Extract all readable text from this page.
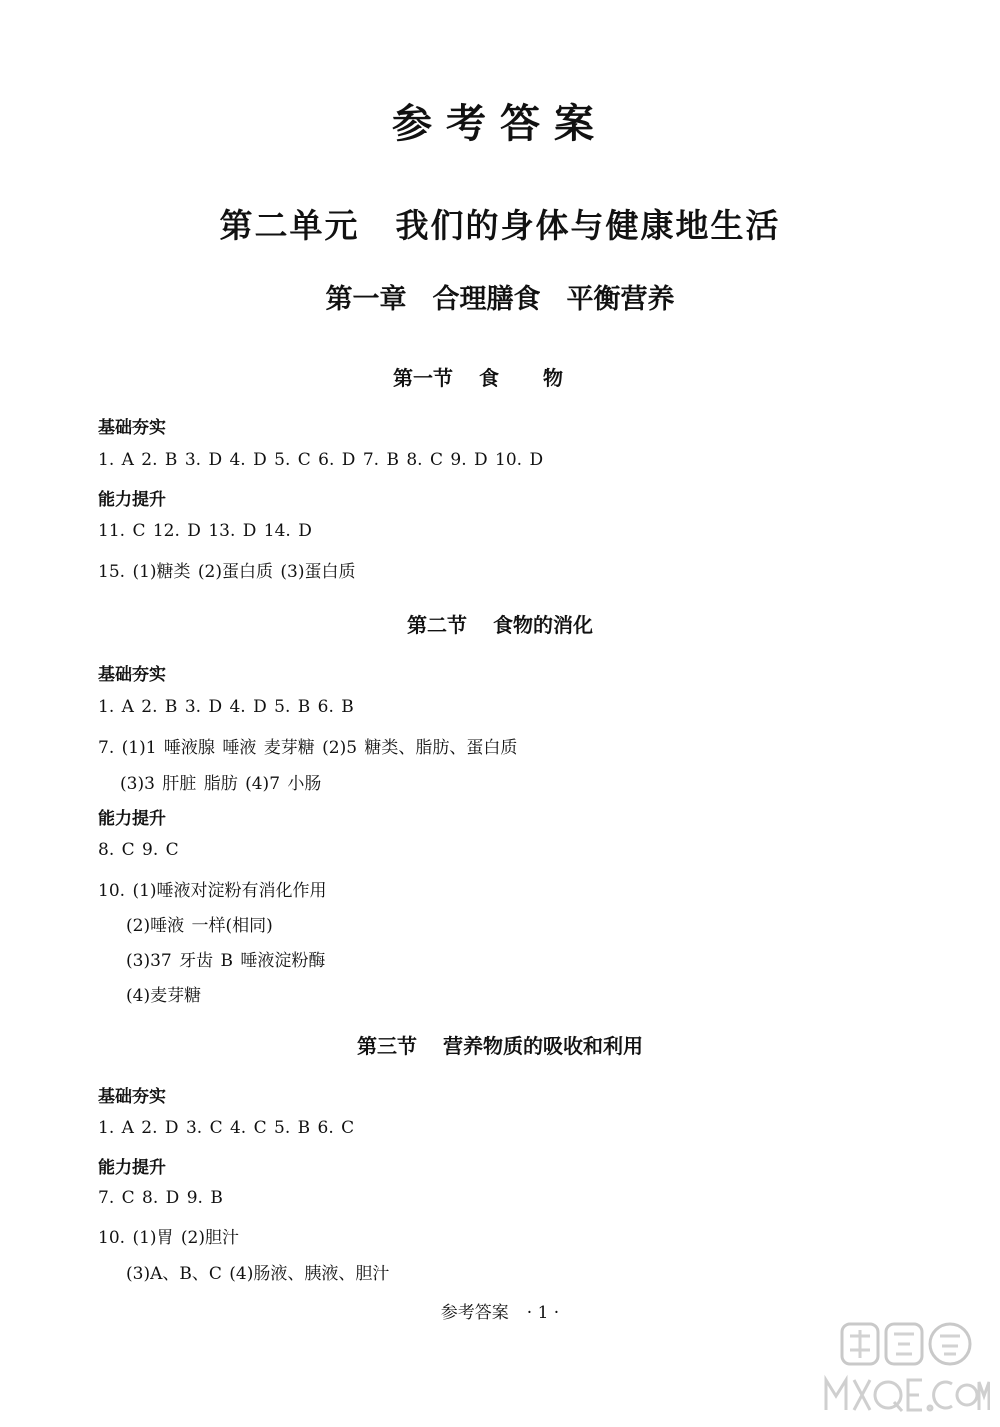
参考答案
第二单元 我们的身体与健康地生活
第一章 合理膳食 平衡营养
第一节 食物
基础夯实
1. A 2. B 3. D 4. D 5. C 6. D 7. B 8. C 9. D 10. D
能力提升
11. C 12. D 13. D 14. D
15. (1)糖类 (2)蛋白质 (3)蛋白质
第二节 食物的消化
基础夯实
1. A 2. B 3. D 4. D 5. B 6. B
7. (1)1 唾液腺 唾液 麦芽糖 (2)5 糖类、脂肪、蛋白质
(3)3 肝脏 脂肪 (4)7 小肠
能力提升
8. C 9. C
10. (1)唾液对淀粉有消化作用
(2)唾液 一样(相同)
(3)37 牙齿 B 唾液淀粉酶
(4)麦芽糖
第三节 营养物质的吸收和利用
基础夯实
1. A 2. D 3. C 4. C 5. B 6. C
能力提升
7. C 8. D 9. B
10. (1)胃 (2)胆汁
(3)A、B、C (4)肠液、胰液、胆汁
参考答案 · 1 ·
